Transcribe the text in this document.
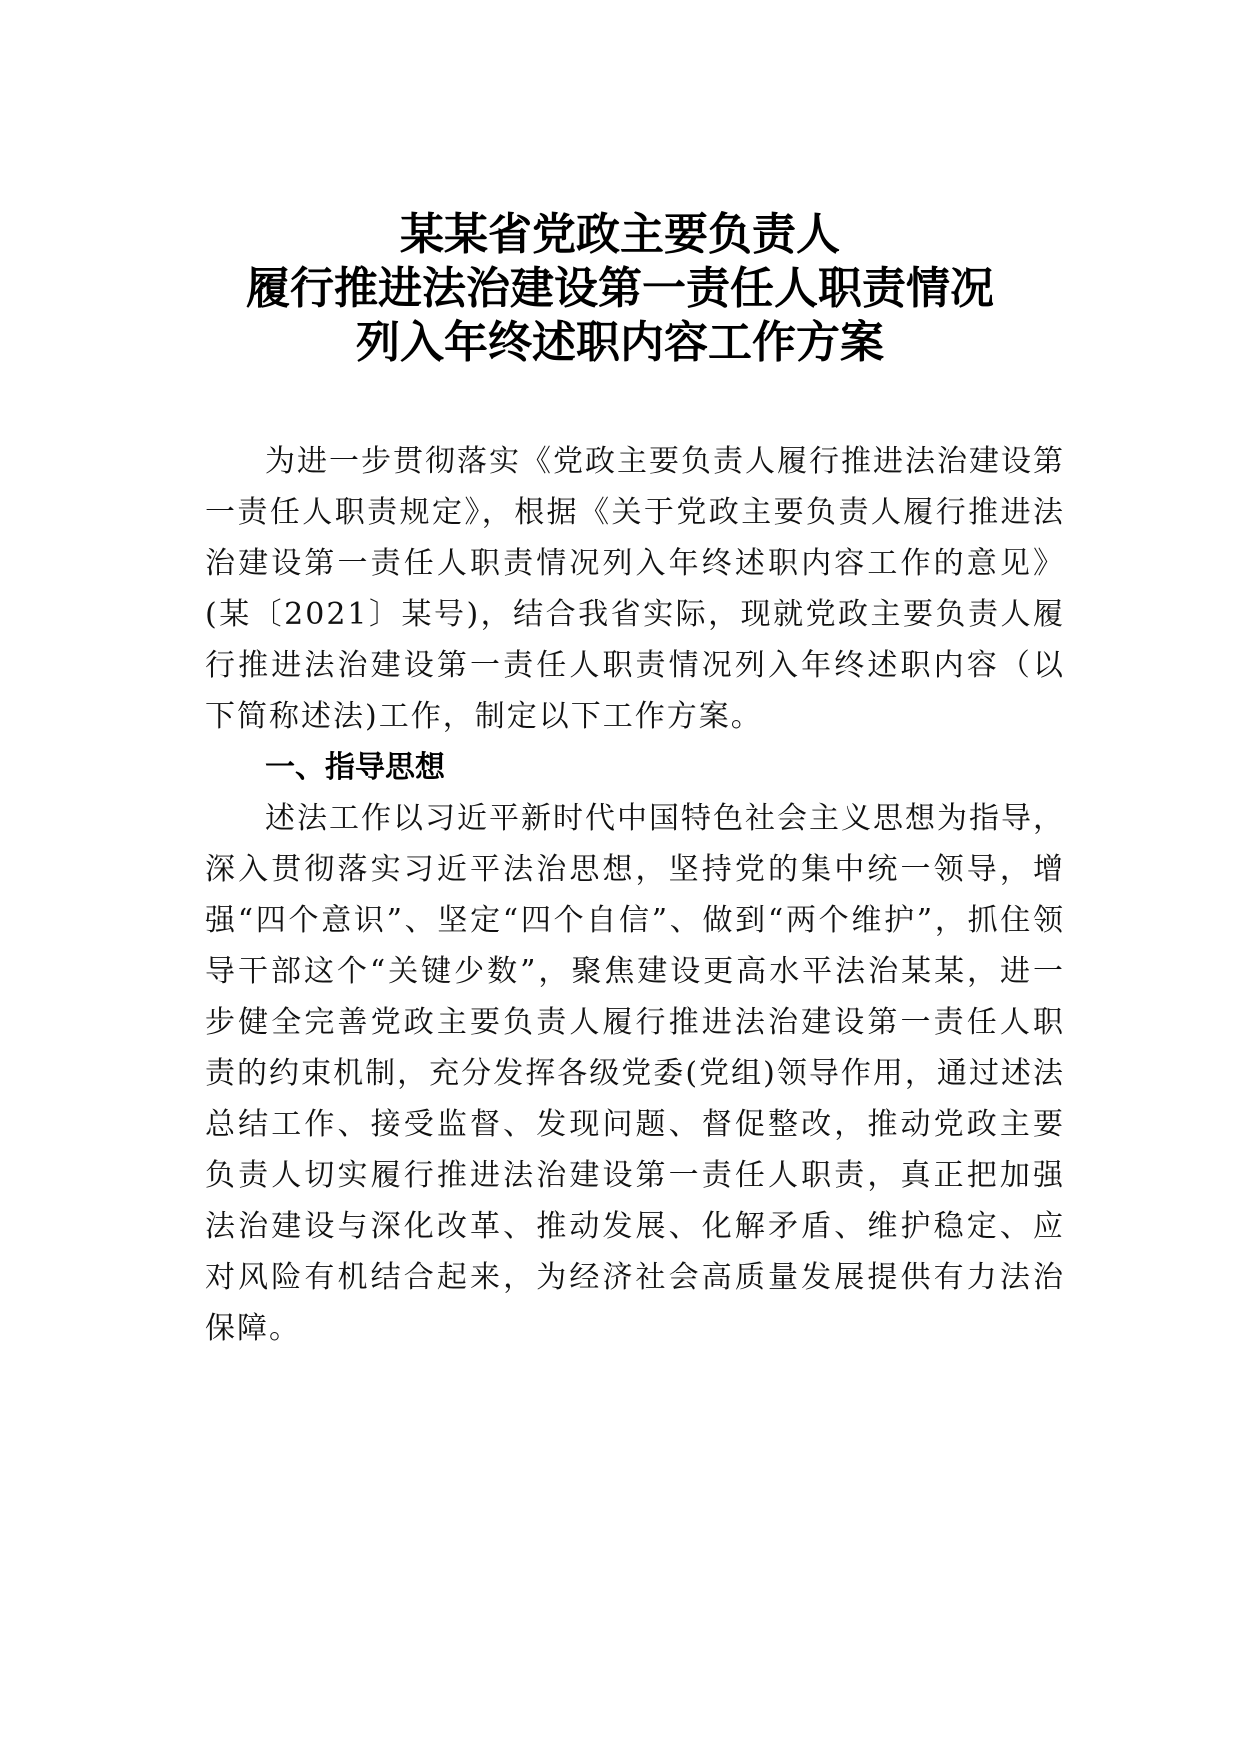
某某省党政主要负责人
履行推进法治建设第一责任人职责情况
列入年终述职内容工作方案

为进一步贯彻落实《党政主要负责人履行推进法治建设第一责任人职责规定》，根据《关于党政主要负责人履行推进法治建设第一责任人职责情况列入年终述职内容工作的意见》(某〔2021〕某号)，结合我省实际，现就党政主要负责人履行推进法治建设第一责任人职责情况列入年终述职内容（以下简称述法)工作，制定以下工作方案。

一、指导思想

述法工作以习近平新时代中国特色社会主义思想为指导，深入贯彻落实习近平法治思想，坚持党的集中统一领导，增强“四个意识”、坚定“四个自信”、做到“两个维护”，抓住领导干部这个“关键少数”，聚焦建设更高水平法治某某，进一步健全完善党政主要负责人履行推进法治建设第一责任人职责的约束机制，充分发挥各级党委(党组)领导作用，通过述法总结工作、接受监督、发现问题、督促整改，推动党政主要负责人切实履行推进法治建设第一责任人职责，真正把加强法治建设与深化改革、推动发展、化解矛盾、维护稳定、应对风险有机结合起来，为经济社会高质量发展提供有力法治保障。
